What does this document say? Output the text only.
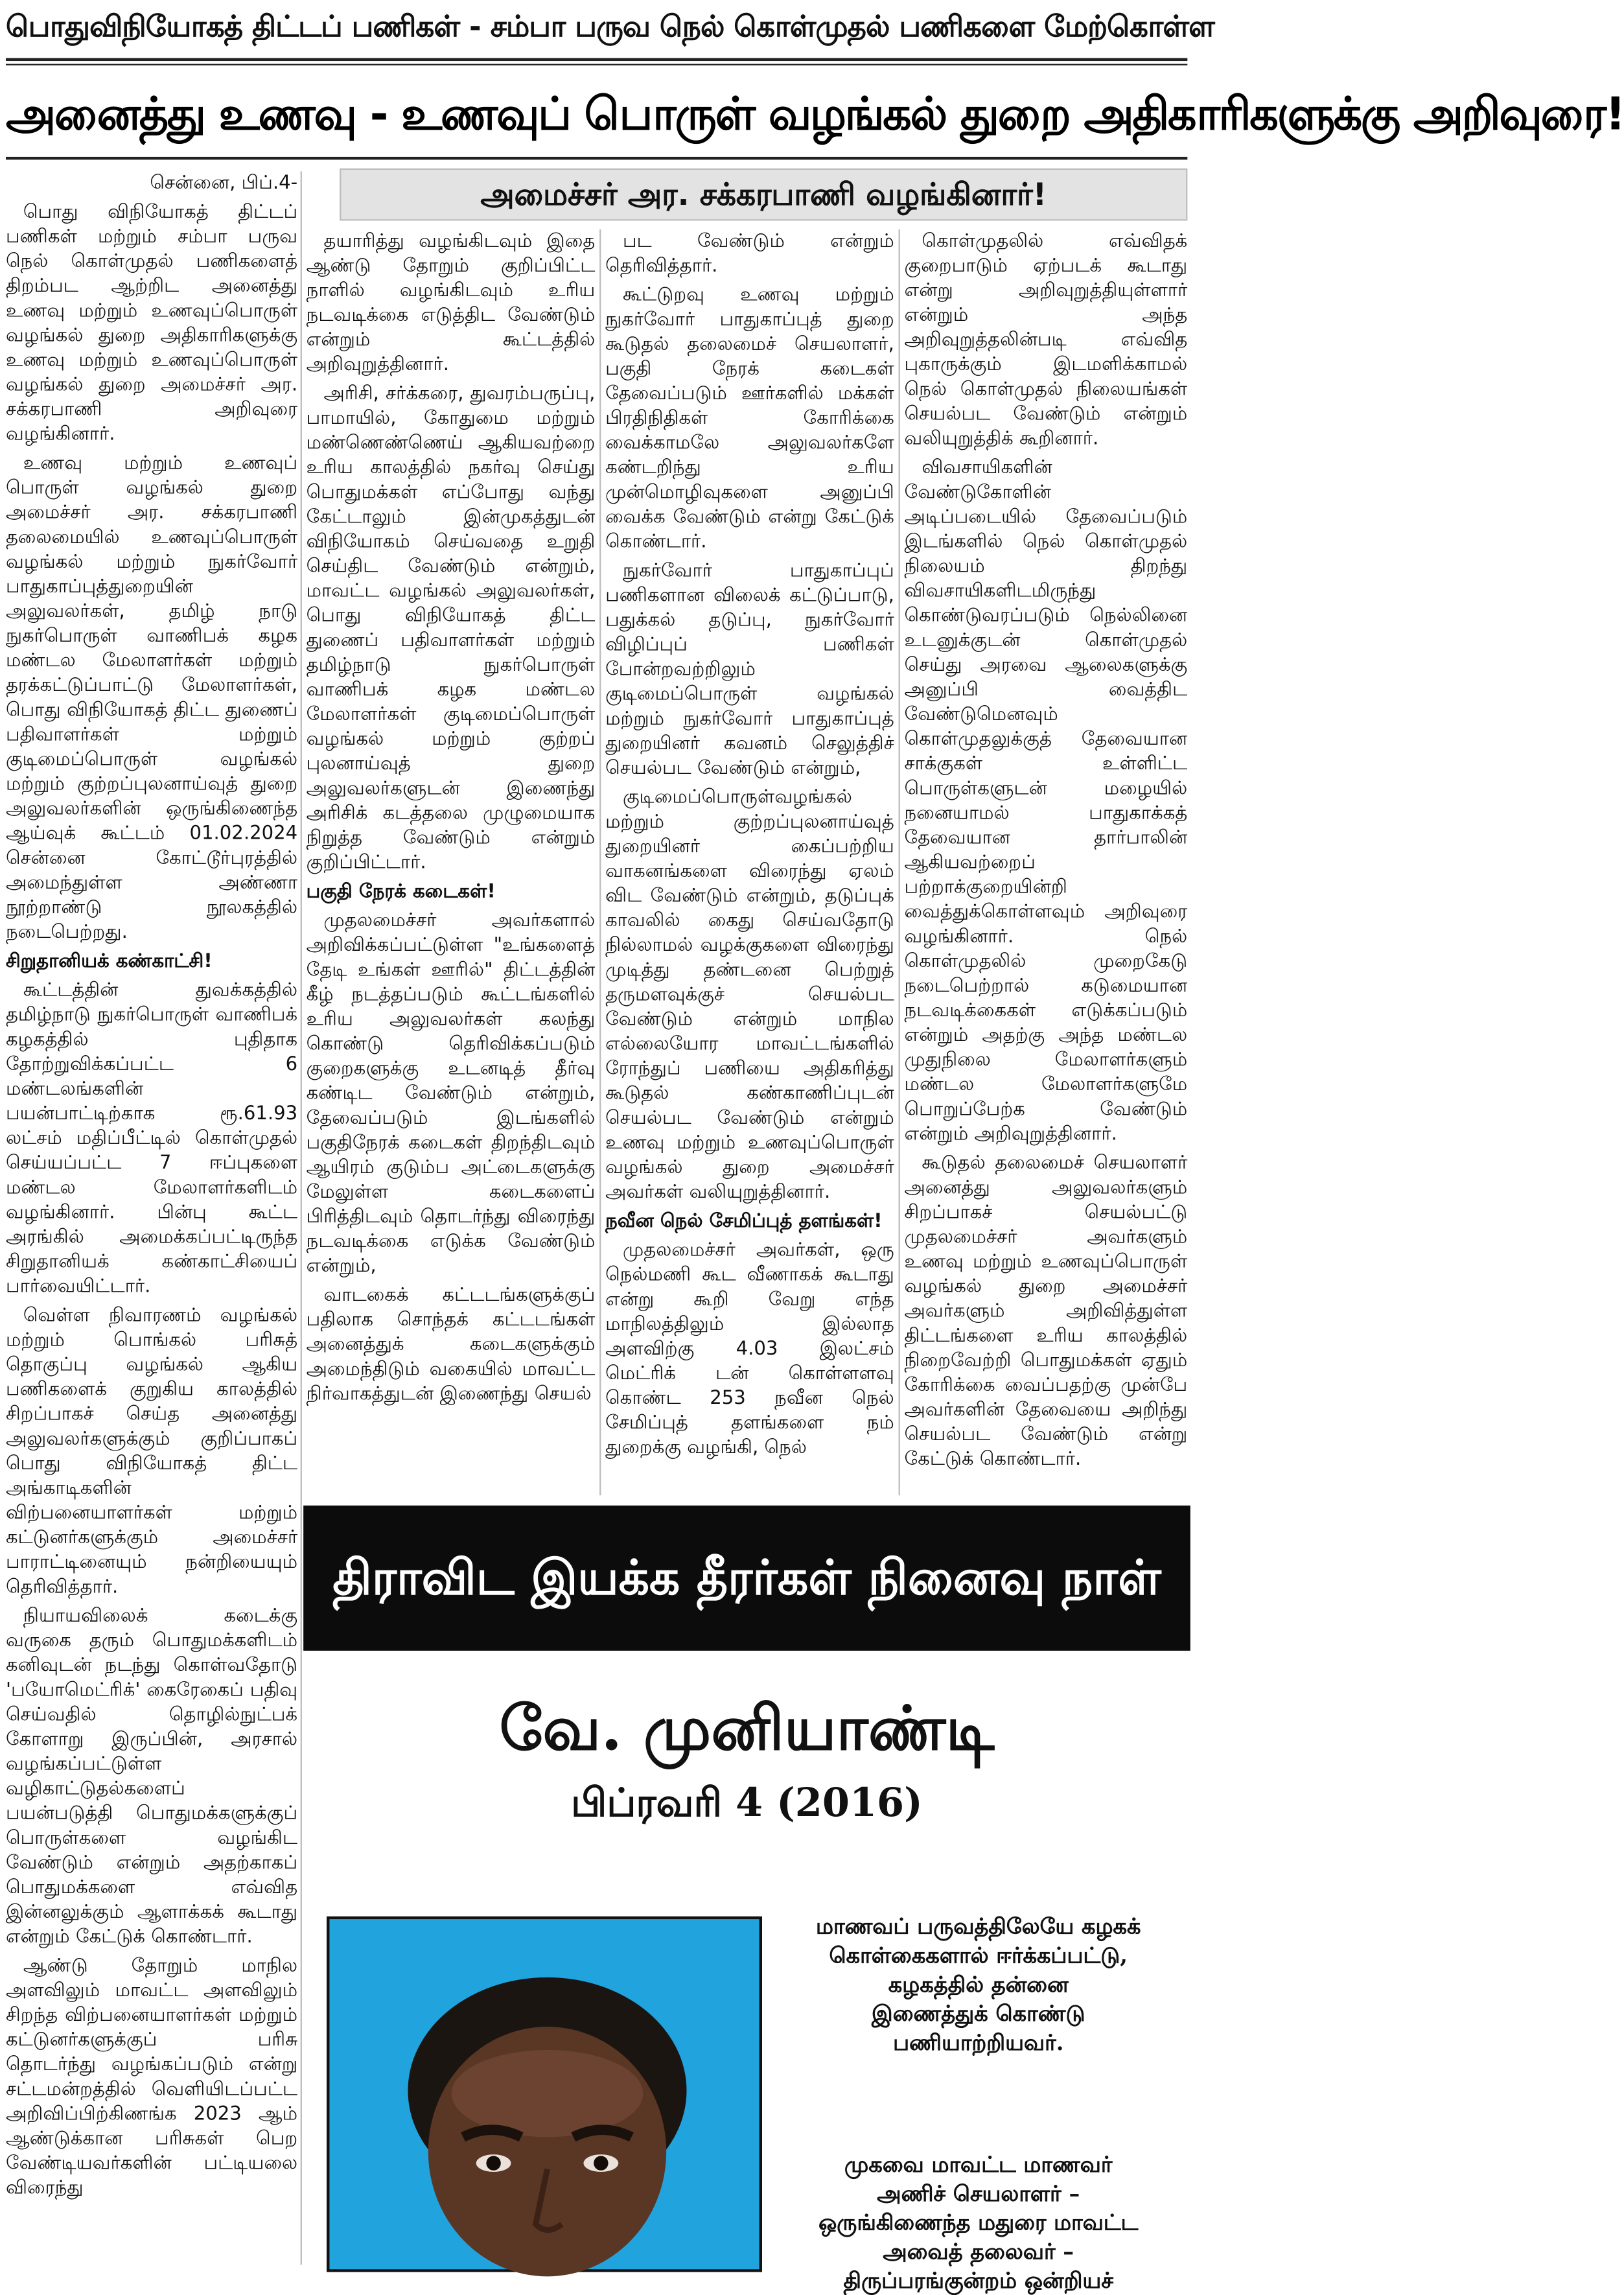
பொதுவிநியோகத் திட்டப் பணிகள் - சம்பா பருவ நெல் கொள்முதல் பணிகளை மேற்கொள்ள
அனைத்து உணவு - உணவுப் பொருள் வழங்கல் துறை அதிகாரிகளுக்கு அறிவுரை!
அமைச்சர் அர. சக்கரபாணி வழங்கினார்!

சென்னை, பிப்.4-

பொது விநியோகத் திட்டப் பணிகள் மற்றும் சம்பா பருவ நெல் கொள்முதல் பணிகளைத் திறம்பட ஆற்றிட அனைத்து உணவு மற்றும் உணவுப்பொருள் வழங்கல் துறை அதிகாரிகளுக்கு உணவு மற்றும் உணவுப்பொருள் வழங்கல் துறை அமைச்சர் அர. சக்கரபாணி அறிவுரை வழங்கினார்.

உணவு மற்றும் உணவுப் பொருள் வழங்கல் துறை அமைச்சர் அர. சக்கரபாணி தலைமையில் உணவுப்பொருள் வழங்கல் மற்றும் நுகர்வோர் பாதுகாப்புத்துறையின் அலுவலர்கள், தமிழ் நாடு நுகர்பொருள் வாணிபக் கழக மண்டல மேலாளர்கள் மற்றும் தரக்கட்டுப்பாட்டு மேலாளர்கள், பொது விநியோகத் திட்ட துணைப் பதிவாளர்கள் மற்றும் குடிமைப்பொருள் வழங்கல் மற்றும் குற்றப்புலனாய்வுத் துறை அலுவலர்களின் ஒருங்கிணைந்த ஆய்வுக் கூட்டம் 01.02.2024 சென்னை கோட்டூர்புரத்தில் அமைந்துள்ள அண்ணா நூற்றாண்டு நூலகத்தில் நடைபெற்றது.

சிறுதானியக் கண்காட்சி!

கூட்டத்தின் துவக்கத்தில் தமிழ்நாடு நுகர்பொருள் வாணிபக் கழகத்தில் புதிதாக தோற்றுவிக்கப்பட்ட 6 மண்டலங்களின் பயன்பாட்டிற்காக ரூ.61.93 லட்சம் மதிப்பீட்டில் கொள்முதல் செய்யப்பட்ட 7 ஈப்புகளை மண்டல மேலாளர்களிடம் வழங்கினார். பின்பு கூட்ட அரங்கில் அமைக்கப்பட்டிருந்த சிறுதானியக் கண்காட்சியைப் பார்வையிட்டார்.

வெள்ள நிவாரணம் வழங்கல் மற்றும் பொங்கல் பரிசுத் தொகுப்பு வழங்கல் ஆகிய பணிகளைக் குறுகிய காலத்தில் சிறப்பாகச் செய்த அனைத்து அலுவலர்களுக்கும் குறிப்பாகப் பொது விநியோகத் திட்ட அங்காடிகளின் விற்பனையாளர்கள் மற்றும் கட்டுனர்களுக்கும் அமைச்சர் பாராட்டினையும் நன்றியையும் தெரிவித்தார்.

நியாயவிலைக் கடைக்கு வருகை தரும் பொதுமக்களிடம் கனிவுடன் நடந்து கொள்வதோடு 'பயோமெட்ரிக்' கைரேகைப் பதிவு செய்வதில் தொழில்நுட்பக் கோளாறு இருப்பின், அரசால் வழங்கப்பட்டுள்ள வழிகாட்டுதல்களைப் பயன்படுத்தி பொதுமக்களுக்குப் பொருள்களை வழங்கிட வேண்டும் என்றும் அதற்காகப் பொதுமக்களை எவ்வித இன்னலுக்கும் ஆளாக்கக் கூடாது என்றும் கேட்டுக் கொண்டார்.

ஆண்டு தோறும் மாநில அளவிலும் மாவட்ட அளவிலும் சிறந்த விற்பனையாளர்கள் மற்றும் கட்டுனர்களுக்குப் பரிசு தொடர்ந்து வழங்கப்படும் என்று சட்டமன்றத்தில் வெளியிடப்பட்ட அறிவிப்பிற்கிணங்க 2023 ஆம் ஆண்டுக்கான பரிசுகள் பெற வேண்டியவர்களின் பட்டியலை விரைந்து

தயாரித்து வழங்கிடவும் இதை ஆண்டு தோறும் குறிப்பிட்ட நாளில் வழங்கிடவும் உரிய நடவடிக்கை எடுத்திட வேண்டும் என்றும் கூட்டத்தில் அறிவுறுத்தினார்.

அரிசி, சர்க்கரை, துவரம்பருப்பு, பாமாயில், கோதுமை மற்றும் மண்ணெண்ணெய் ஆகியவற்றை உரிய காலத்தில் நகர்வு செய்து பொதுமக்கள் எப்போது வந்து கேட்டாலும் இன்முகத்துடன் விநியோகம் செய்வதை உறுதி செய்திட வேண்டும் என்றும், மாவட்ட வழங்கல் அலுவலர்கள், பொது விநியோகத் திட்ட துணைப் பதிவாளர்கள் மற்றும் தமிழ்நாடு நுகர்பொருள் வாணிபக் கழக மண்டல மேலாளர்கள் குடிமைப்பொருள் வழங்கல் மற்றும் குற்றப் புலனாய்வுத் துறை அலுவலர்களுடன் இணைந்து அரிசிக் கடத்தலை முழுமையாக நிறுத்த வேண்டும் என்றும் குறிப்பிட்டார்.

பகுதி நேரக் கடைகள்!

முதலமைச்சர் அவர்களால் அறிவிக்கப்பட்டுள்ள "உங்களைத் தேடி உங்கள் ஊரில்" திட்டத்தின் கீழ் நடத்தப்படும் கூட்டங்களில் உரிய அலுவலர்கள் கலந்து கொண்டு தெரிவிக்கப்படும் குறைகளுக்கு உடனடித் தீர்வு கண்டிட வேண்டும் என்றும், தேவைப்படும் இடங்களில் பகுதிநேரக் கடைகள் திறந்திடவும் ஆயிரம் குடும்ப அட்டைகளுக்கு மேலுள்ள கடைகளைப் பிரித்திடவும் தொடர்ந்து விரைந்து நடவடிக்கை எடுக்க வேண்டும் என்றும்,

வாடகைக் கட்டடங்களுக்குப் பதிலாக சொந்தக் கட்டடங்கள் அனைத்துக் கடைகளுக்கும் அமைந்திடும் வகையில் மாவட்ட நிர்வாகத்துடன் இணைந்து செயல்

பட வேண்டும் என்றும் தெரிவித்தார்.

கூட்டுறவு உணவு மற்றும் நுகர்வோர் பாதுகாப்புத் துறை கூடுதல் தலைமைச் செயலாளர், பகுதி நேரக் கடைகள் தேவைப்படும் ஊர்களில் மக்கள் பிரதிநிதிகள் கோரிக்கை வைக்காமலே அலுவலர்களே கண்டறிந்து உரிய முன்மொழிவுகளை அனுப்பி வைக்க வேண்டும் என்று கேட்டுக் கொண்டார்.

நுகர்வோர் பாதுகாப்புப் பணிகளான விலைக் கட்டுப்பாடு, பதுக்கல் தடுப்பு, நுகர்வோர் விழிப்புப் பணிகள் போன்றவற்றிலும் குடிமைப்பொருள் வழங்கல் மற்றும் நுகர்வோர் பாதுகாப்புத் துறையினர் கவனம் செலுத்திச் செயல்பட வேண்டும் என்றும்,

குடிமைப்பொருள்வழங்கல் மற்றும் குற்றப்புலனாய்வுத் துறையினர் கைப்பற்றிய வாகனங்களை விரைந்து ஏலம் விட வேண்டும் என்றும், தடுப்புக் காவலில் கைது செய்வதோடு நில்லாமல் வழக்குகளை விரைந்து முடித்து தண்டனை பெற்றுத் தருமளவுக்குச் செயல்பட வேண்டும் என்றும் மாநில எல்லையோர மாவட்டங்களில் ரோந்துப் பணியை அதிகரித்து கூடுதல் கண்காணிப்புடன் செயல்பட வேண்டும் என்றும் உணவு மற்றும் உணவுப்பொருள் வழங்கல் துறை அமைச்சர் அவர்கள் வலியுறுத்தினார்.

நவீன நெல் சேமிப்புத் தளங்கள்!

முதலமைச்சர் அவர்கள், ஒரு நெல்மணி கூட வீணாகக் கூடாது என்று கூறி வேறு எந்த மாநிலத்திலும் இல்லாத அளவிற்கு 4.03 இலட்சம் மெட்ரிக் டன் கொள்ளளவு கொண்ட 253 நவீன நெல் சேமிப்புத் தளங்களை நம் துறைக்கு வழங்கி, நெல்

கொள்முதலில் எவ்விதக் குறைபாடும் ஏற்படக் கூடாது என்று அறிவுறுத்தியுள்ளார் என்றும் அந்த அறிவுறுத்தலின்படி எவ்வித புகாருக்கும் இடமளிக்காமல் நெல் கொள்முதல் நிலையங்கள் செயல்பட வேண்டும் என்றும் வலியுறுத்திக் கூறினார்.

விவசாயிகளின் வேண்டுகோளின் அடிப்படையில் தேவைப்படும் இடங்களில் நெல் கொள்முதல் நிலையம் திறந்து விவசாயிகளிடமிருந்து கொண்டுவரப்படும் நெல்லினை உடனுக்குடன் கொள்முதல் செய்து அரவை ஆலைகளுக்கு அனுப்பி வைத்திட வேண்டுமெனவும் கொள்முதலுக்குத் தேவையான சாக்குகள் உள்ளிட்ட பொருள்களுடன் மழையில் நனையாமல் பாதுகாக்கத் தேவையான தார்பாலின் ஆகியவற்றைப் பற்றாக்குறையின்றி வைத்துக்கொள்ளவும் அறிவுரை வழங்கினார். நெல் கொள்முதலில் முறைகேடு நடைபெற்றால் கடுமையான நடவடிக்கைகள் எடுக்கப்படும் என்றும் அதற்கு அந்த மண்டல முதுநிலை மேலாளர்களும் மண்டல மேலாளர்களுமே பொறுப்பேற்க வேண்டும் என்றும் அறிவுறுத்தினார்.

கூடுதல் தலைமைச் செயலாளர் அனைத்து அலுவலர்களும் சிறப்பாகச் செயல்பட்டு முதலமைச்சர் அவர்களும் உணவு மற்றும் உணவுப்பொருள் வழங்கல் துறை அமைச்சர் அவர்களும் அறிவித்துள்ள திட்டங்களை உரிய காலத்தில் நிறைவேற்றி பொதுமக்கள் ஏதும் கோரிக்கை வைப்பதற்கு முன்பே அவர்களின் தேவையை அறிந்து செயல்பட வேண்டும் என்று கேட்டுக் கொண்டார்.

திராவிட இயக்க தீரர்கள் நினைவு நாள்
வே. முனியாண்டி
பிப்ரவரி 4 (2016)

மாணவப் பருவத்திலேயே கழகக்

கொள்கைகளால் ஈர்க்கப்பட்டு,

கழகத்தில் தன்னை

இணைத்துக் கொண்டு

பணியாற்றியவர்.

முகவை மாவட்ட மாணவர்

அணிச் செயலாளர் –

ஒருங்கிணைந்த மதுரை மாவட்ட

அவைத் தலைவர் –

திருப்பரங்குன்றம் ஒன்றியச்
